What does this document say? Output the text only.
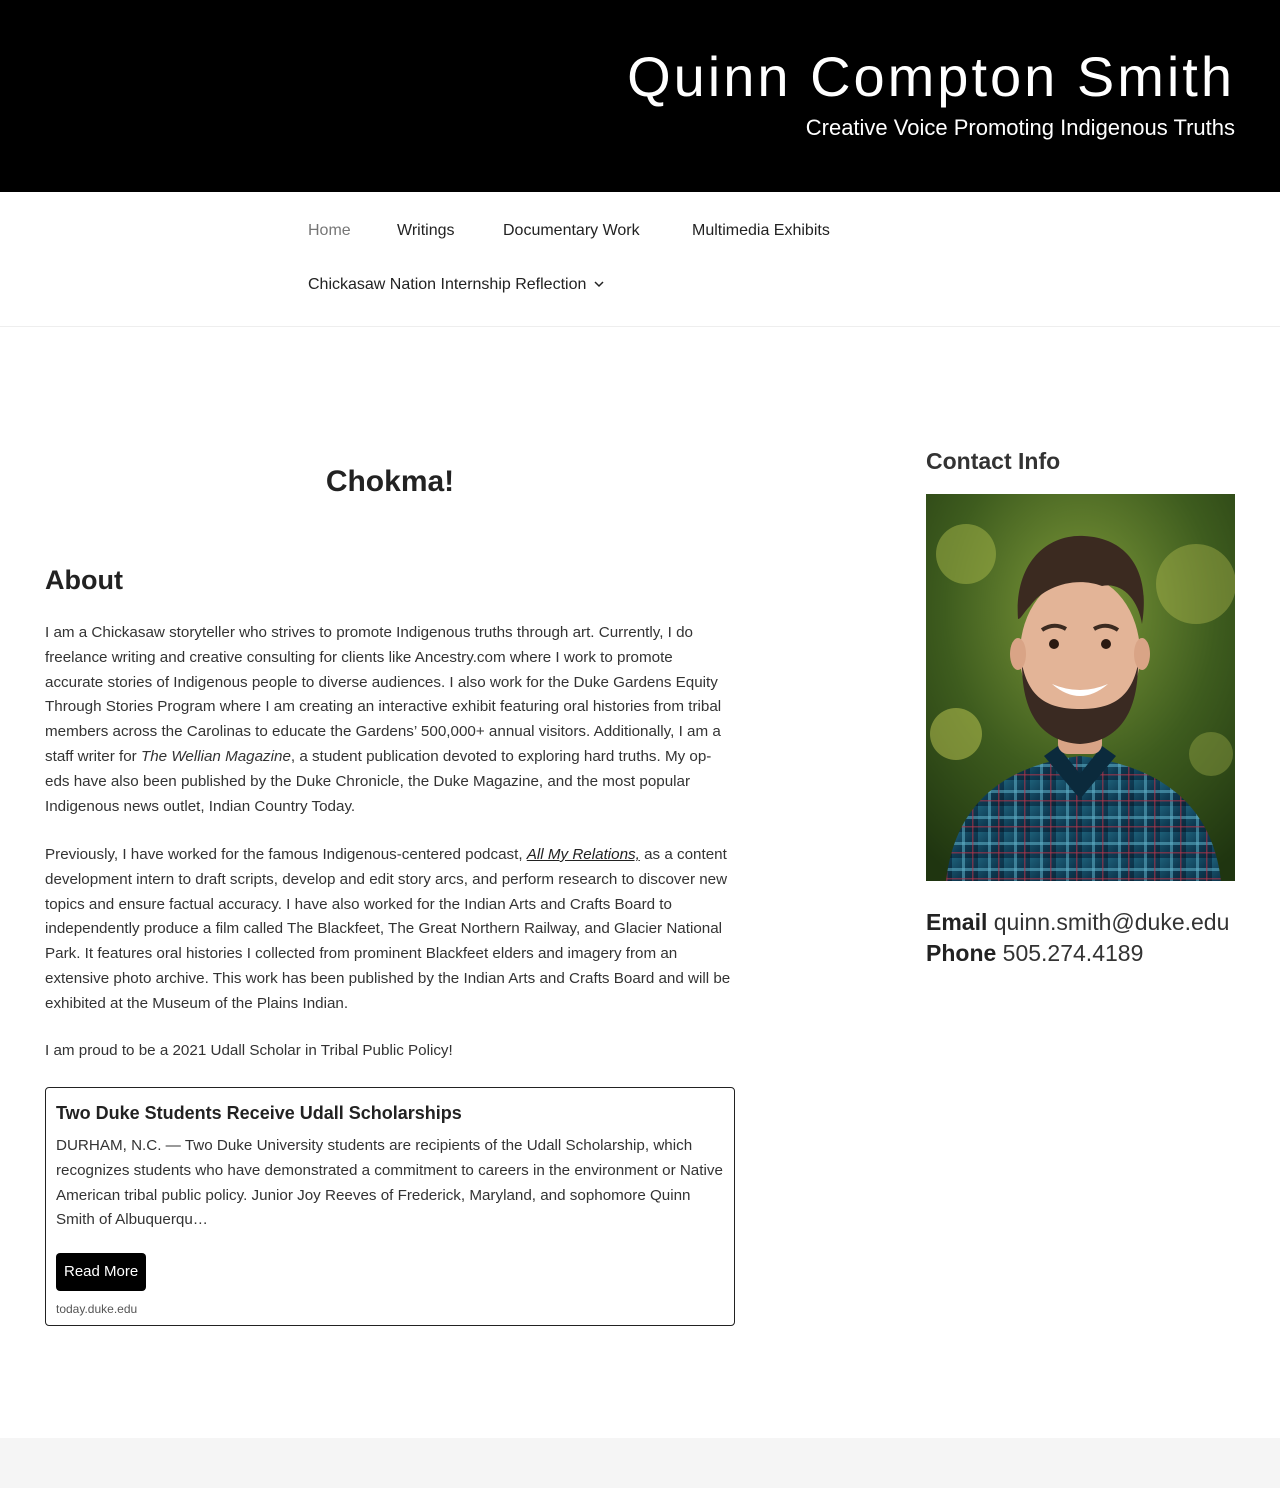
Quinn Compton Smith
Creative Voice Promoting Indigenous Truths
Home	Writings	Documentary Work	Multimedia Exhibits
Chickasaw Nation Internship Reflection
Chokma!
About

I am a Chickasaw storyteller who strives to promote Indigenous truths through art. Currently, I do freelance writing and creative consulting for clients like Ancestry.com where I work to promote accurate stories of Indigenous people to diverse audiences. I also work for the Duke Gardens Equity Through Stories Program where I am creating an interactive exhibit featuring oral histories from tribal members across the Carolinas to educate the Gardens’ 500,000+ annual visitors. Additionally, I am a staff writer for The Wellian Magazine, a student publication devoted to exploring hard truths. My op-eds have also been published by the Duke Chronicle, the Duke Magazine, and the most popular Indigenous news outlet, Indian Country Today.

Previously, I have worked for the famous Indigenous-centered podcast, All My Relations, as a content development intern to draft scripts, develop and edit story arcs, and perform research to discover new topics and ensure factual accuracy. I have also worked for the Indian Arts and Crafts Board to independently produce a film called The Blackfeet, The Great Northern Railway, and Glacier National Park. It features oral histories I collected from prominent Blackfeet elders and imagery from an extensive photo archive. This work has been published by the Indian Arts and Crafts Board and will be exhibited at the Museum of the Plains Indian.

I am proud to be a 2021 Udall Scholar in Tribal Public Policy!

Two Duke Students Receive Udall Scholarships
DURHAM, N.C. — Two Duke University students are recipients of the Udall Scholarship, which recognizes students who have demonstrated a commitment to careers in the environment or Native American tribal public policy. Junior Joy Reeves of Frederick, Maryland, and sophomore Quinn Smith of Albuquerqu…
Read More
today.duke.edu
Contact Info
Email quinn.smith@duke.edu
Phone 505.274.4189
